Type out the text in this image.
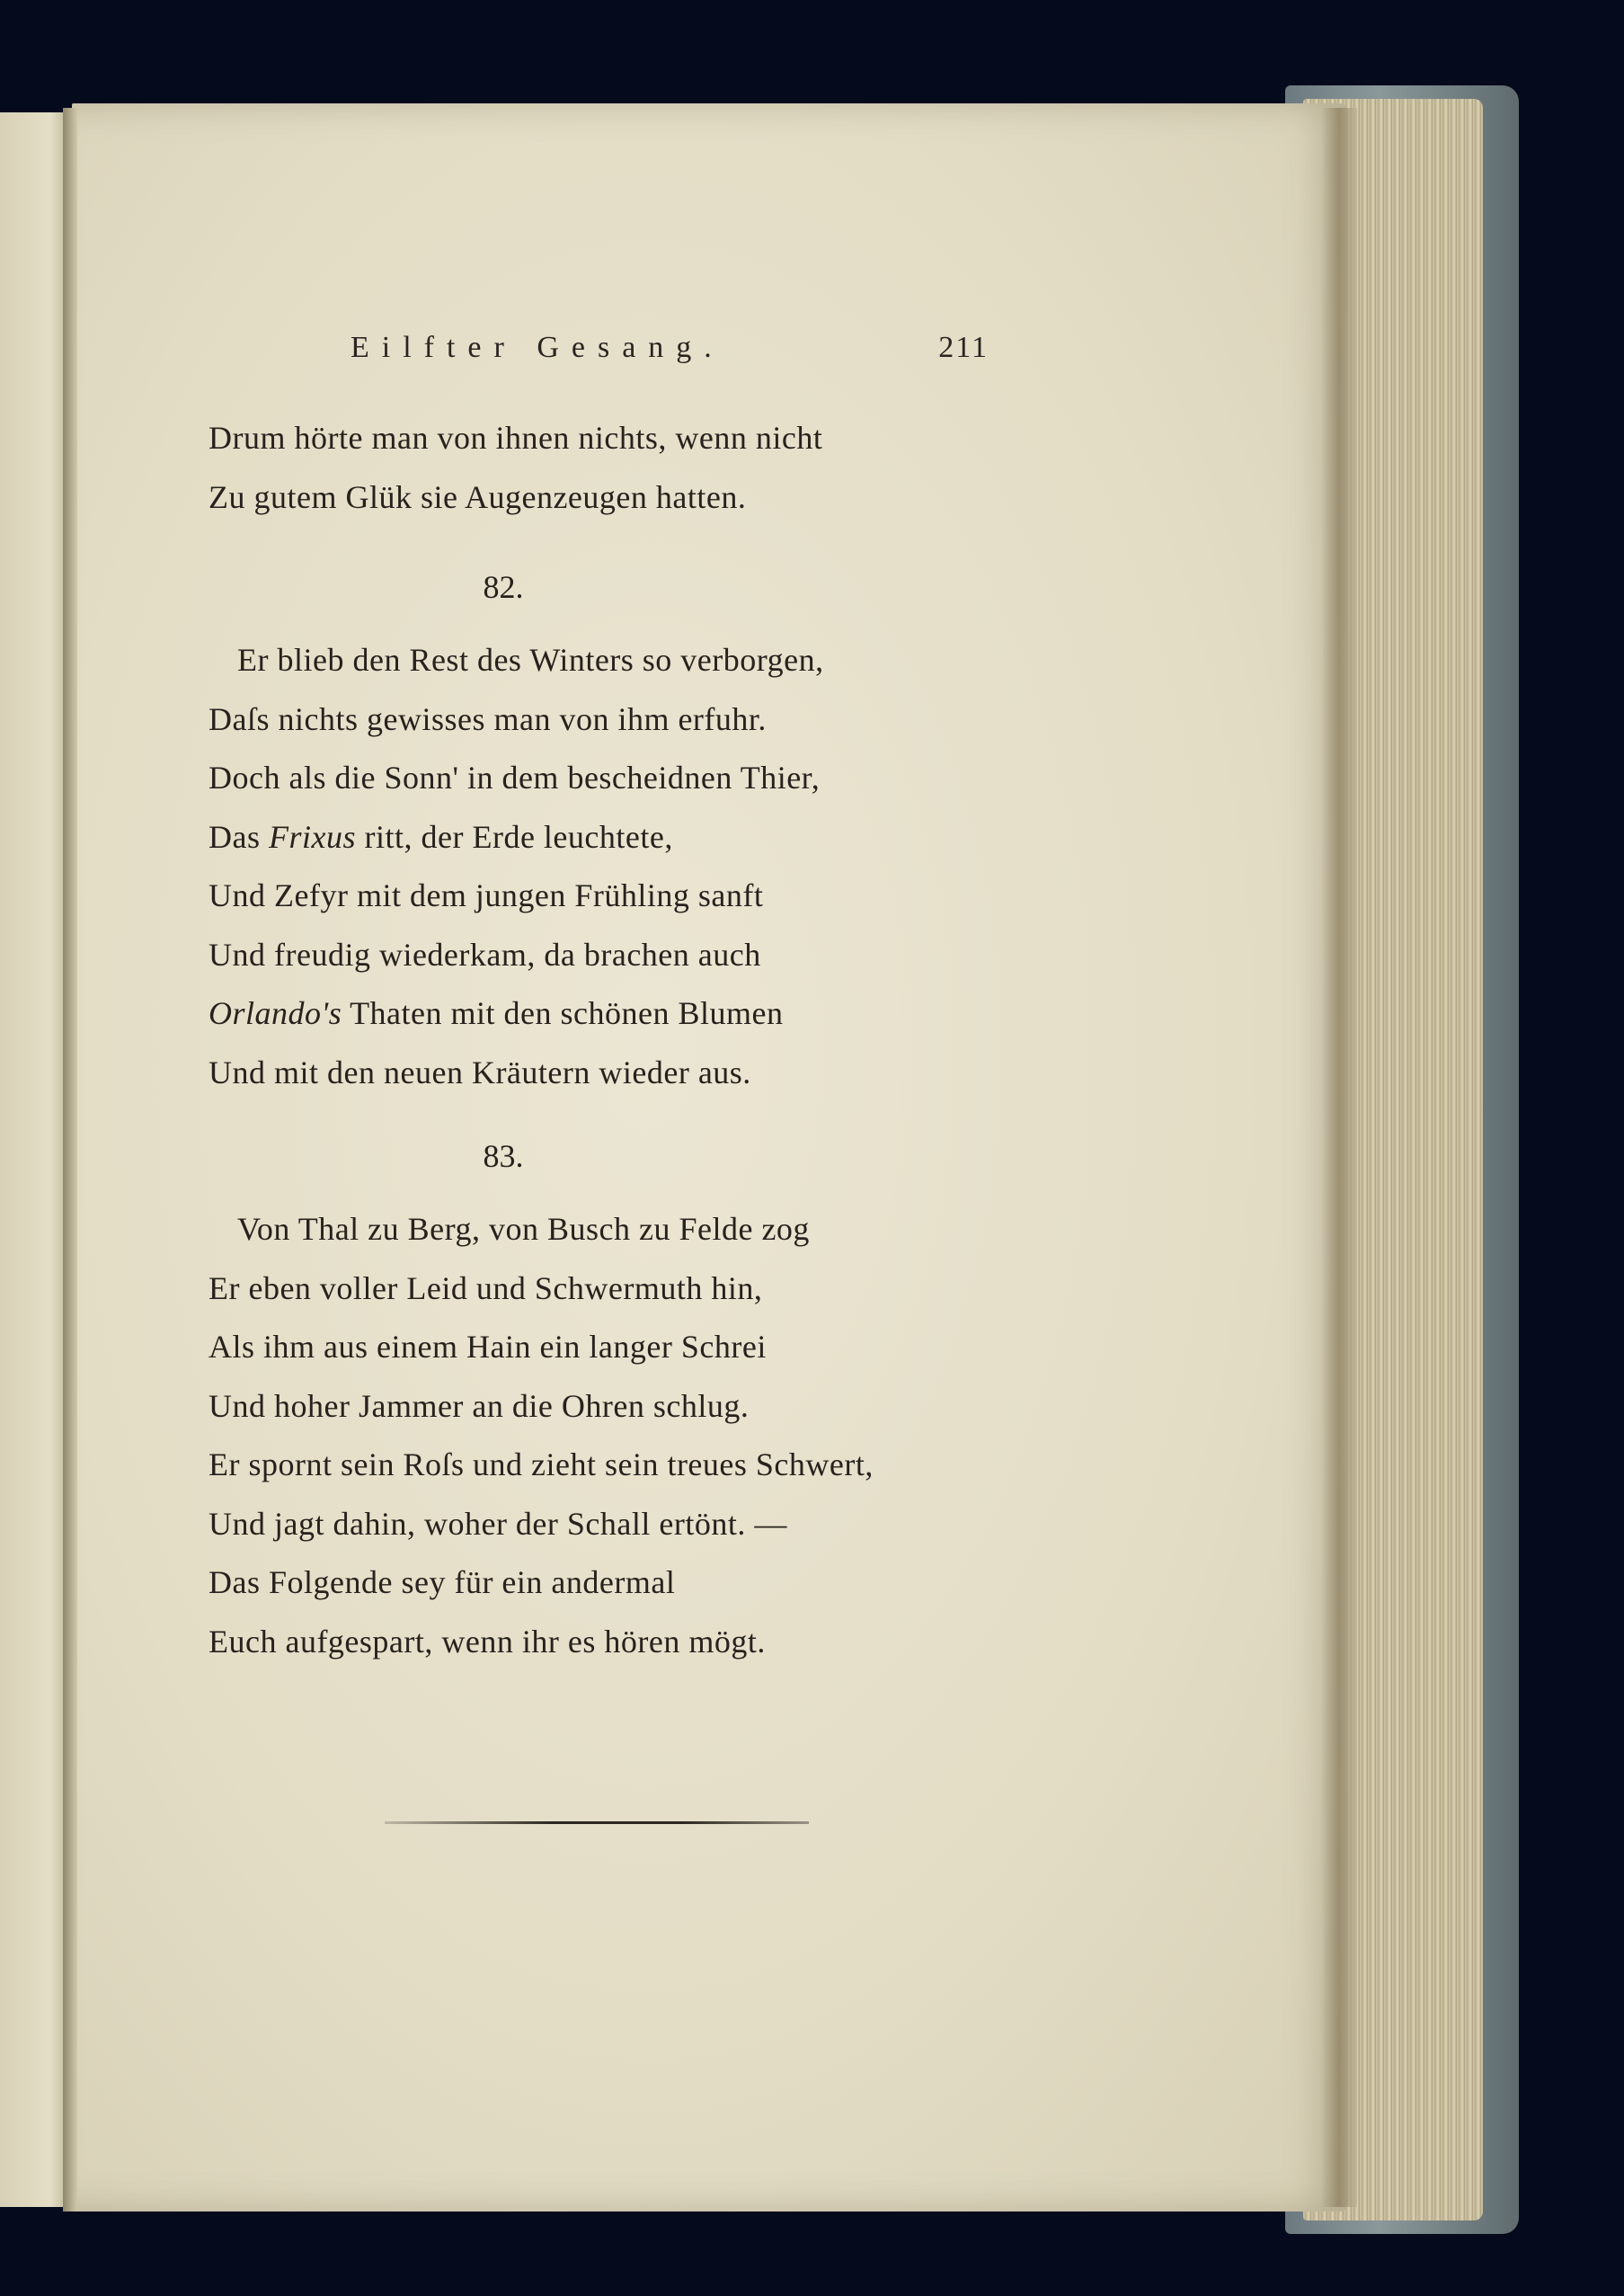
Eilfter Gesang.	211
Drum hörte man von ihnen nichts, wenn nicht
Zu gutem Glük sie Augenzeugen hatten.
82.
Er blieb den Rest des Winters so verborgen,
Daſs nichts gewisses man von ihm erfuhr.
Doch als die Sonn' in dem bescheidnen Thier,
Das Frixus ritt, der Erde leuchtete,
Und Zefyr mit dem jungen Frühling sanft
Und freudig wiederkam, da brachen auch
Orlando's Thaten mit den schönen Blumen
Und mit den neuen Kräutern wieder aus.
83.
Von Thal zu Berg, von Busch zu Felde zog
Er eben voller Leid und Schwermuth hin,
Als ihm aus einem Hain ein langer Schrei
Und hoher Jammer an die Ohren schlug.
Er spornt sein Roſs und zieht sein treues Schwert,
Und jagt dahin, woher der Schall ertönt. —
Das Folgende sey für ein andermal
Euch aufgespart, wenn ihr es hören mögt.
